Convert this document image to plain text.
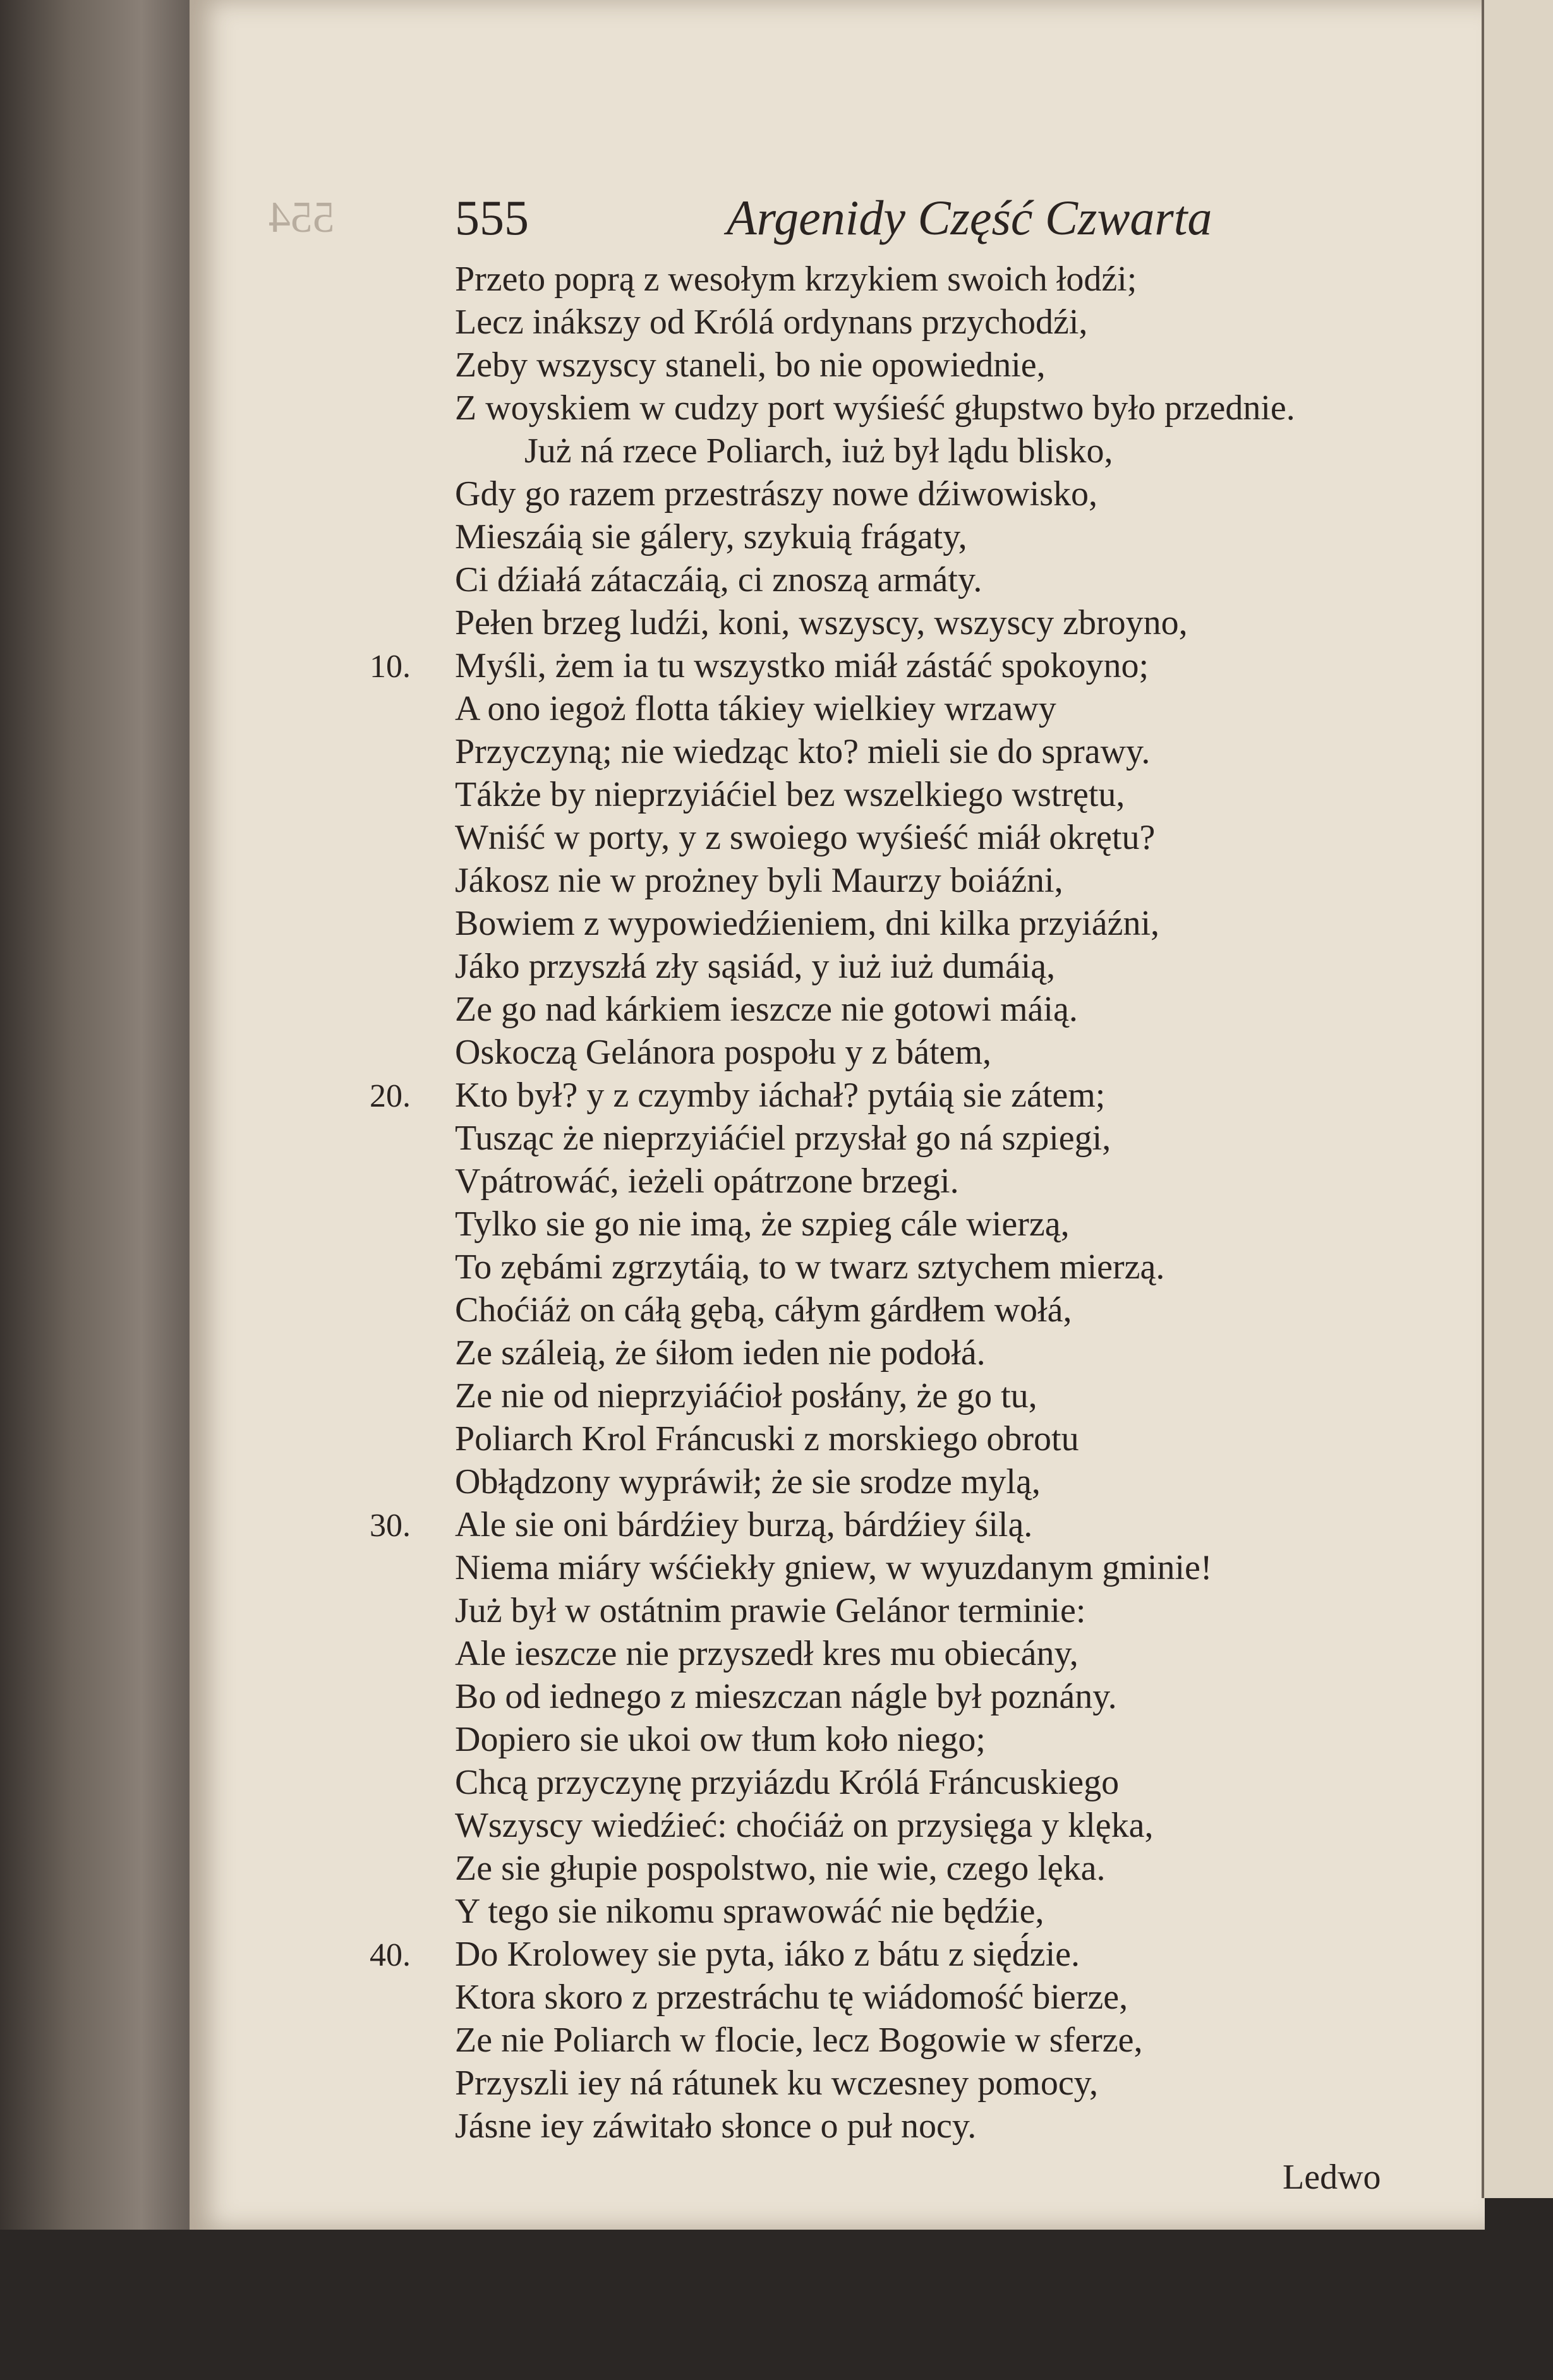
554 555	Argenidy Część Czwarta
Przeto poprą z wesołym krzykiem swoich łodźi;
Lecz inákszy od Królá ordynans przychodźi,
Zeby wszyscy staneli, bo nie opowiednie,
Z woyskiem w cudzy port wyśieść głupstwo było przednie.
Już ná rzece Poliarch, iuż był lądu blisko,
Gdy go razem przestrászy nowe dźiwowisko,
Mieszáią sie gálery, szykuią frágaty,
Ci dźiałá zátaczáią, ci znoszą armáty.
Pełen brzeg ludźi, koni, wszyscy, wszyscy zbroyno,
Myśli, żem ia tu wszystko miáł zástáć spokoyno;
10.
A ono iegoż flotta tákiey wielkiey wrzawy
Przyczyną; nie wiedząc kto? mieli sie do sprawy.
Tákże by nieprzyiáćiel bez wszelkiego wstrętu,
Wniść w porty, y z swoiego wyśieść miáł okrętu?
Jákosz nie w prożney byli Maurzy boiáźni,
Bowiem z wypowiedźieniem, dni kilka przyiáźni,
Jáko przyszłá zły sąsiád, y iuż iuż dumáią,
Ze go nad kárkiem ieszcze nie gotowi máią.
Oskoczą Gelánora pospołu y z bátem,
Kto był? y z czymby iáchał? pytáią sie zátem;
20.
Tusząc że nieprzyiáćiel przysłał go ná szpiegi,
Vpátrowáć, ieżeli opátrzone brzegi.
Tylko sie go nie imą, że szpieg cále wierzą,
To zębámi zgrzytáią, to w twarz sztychem mierzą.
Choćiáż on cáłą gębą, cáłym gárdłem wołá,
Ze száleią, że śiłom ieden nie podołá.
Ze nie od nieprzyiáćioł posłány, że go tu,
Poliarch Krol Fráncuski z morskiego obrotu
Obłądzony wypráwił; że sie srodze mylą,
Ale sie oni bárdźiey burzą, bárdźiey śilą.
30.
Niema miáry wśćiekły gniew, w wyuzdanym gminie!
Już był w ostátnim prawie Gelánor terminie:
Ale ieszcze nie przyszedł kres mu obiecány,
Bo od iednego z mieszczan nágle był poznány.
Dopiero sie ukoi ow tłum koło niego;
Chcą przyczynę przyiázdu Królá Fráncuskiego
Wszyscy wiedźieć: choćiáż on przysięga y klęka,
Ze sie głupie pospolstwo, nie wie, czego lęka.
Y tego sie nikomu sprawowáć nie będźie,
Do Krolowey sie pyta, iáko z bátu z sięd́zie.
40.
Ktora skoro z przestráchu tę wiádomość bierze,
Ze nie Poliarch w flocie, lecz Bogowie w sferze,
Przyszli iey ná rátunek ku wczesney pomocy,
Jásne iey záwitało słonce o puł nocy.
Ledwo
